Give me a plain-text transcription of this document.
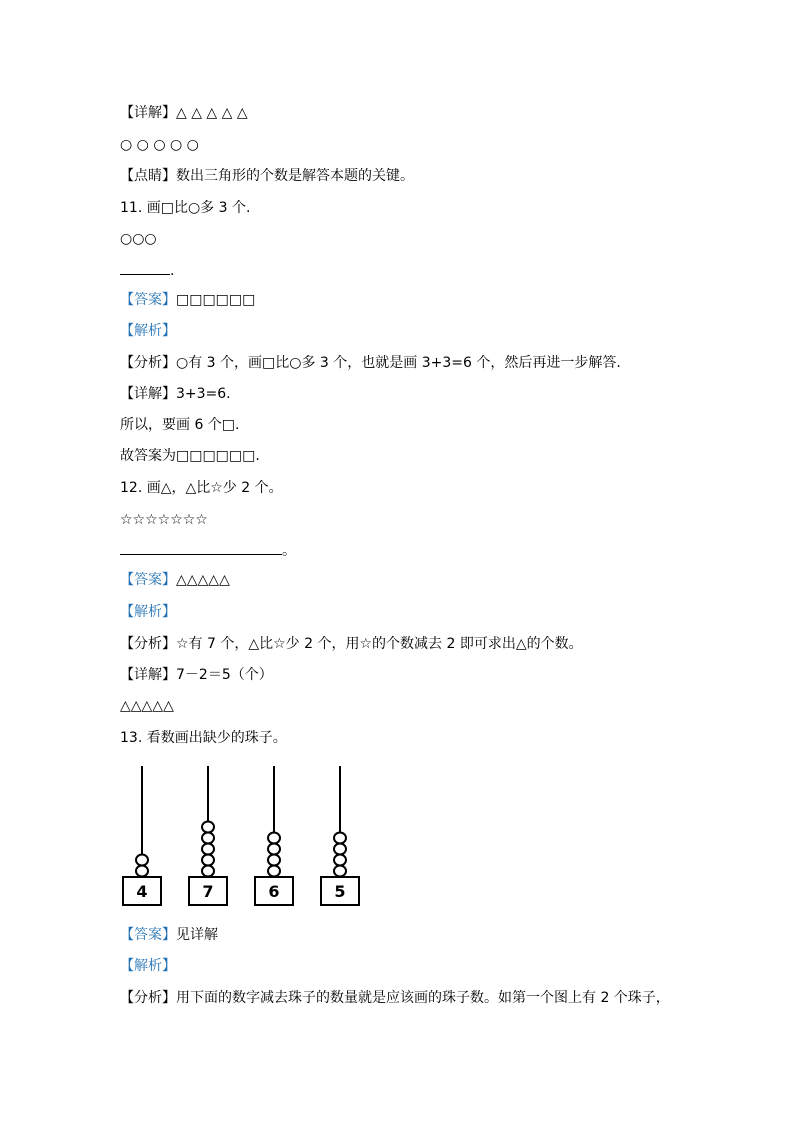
【详解】△ △ △ △ △
○ ○ ○ ○ ○
【点睛】数出三角形的个数是解答本题的关键。
11. 画□比○多 3 个.
○○○
.
【答案】□□□□□□
【解析】
【分析】○有 3 个，画□比○多 3 个，也就是画 3+3=6 个，然后再进一步解答.
【详解】3+3=6.
所以，要画 6 个□.
故答案为□□□□□□.
12. 画△，△比☆少 2 个。
☆☆☆☆☆☆☆
。
【答案】△△△△△
【解析】
【分析】☆有 7 个，△比☆少 2 个，用☆的个数减去 2 即可求出△的个数。
【详解】7－2＝5（个）
△△△△△
13. 看数画出缺少的珠子。
4	7	6	5
【答案】见详解
【解析】
【分析】用下面的数字减去珠子的数量就是应该画的珠子数。如第一个图上有 2 个珠子，
